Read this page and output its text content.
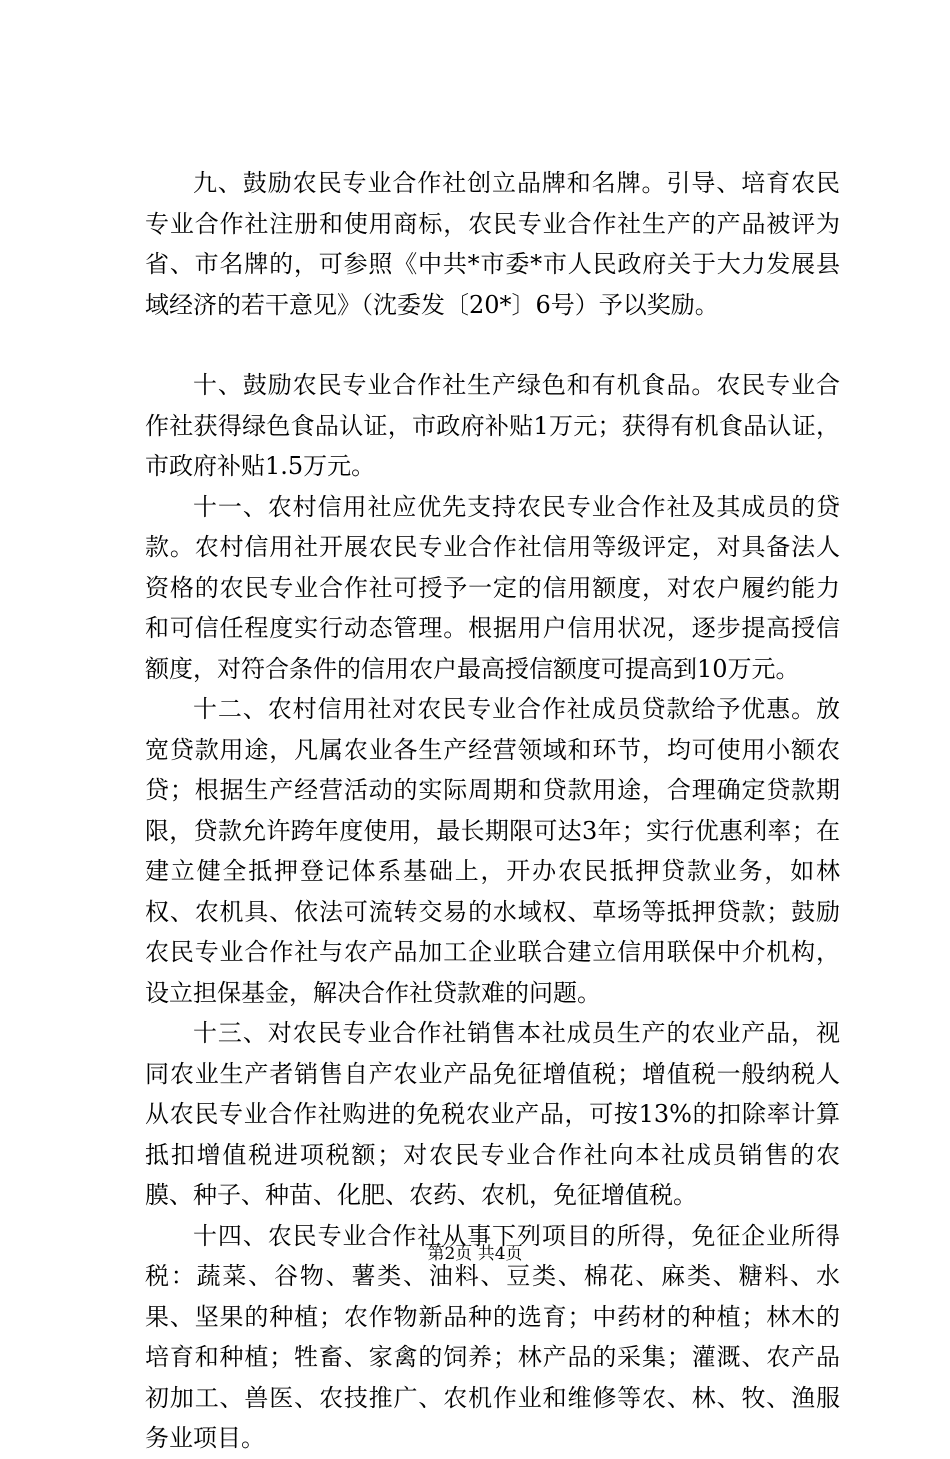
九、鼓励农民专业合作社创立品牌和名牌。引导、培育农民专业合作社注册和使用商标，农民专业合作社生产的产品被评为省、市名牌的，可参照《中共*市委*市人民政府关于大力发展县域经济的若干意见》（沈委发〔20*〕6号）予以奖励。

十、鼓励农民专业合作社生产绿色和有机食品。农民专业合作社获得绿色食品认证，市政府补贴1万元；获得有机食品认证，市政府补贴1.5万元。

十一、农村信用社应优先支持农民专业合作社及其成员的贷款。农村信用社开展农民专业合作社信用等级评定，对具备法人资格的农民专业合作社可授予一定的信用额度，对农户履约能力和可信任程度实行动态管理。根据用户信用状况，逐步提高授信额度，对符合条件的信用农户最高授信额度可提高到10万元。

十二、农村信用社对农民专业合作社成员贷款给予优惠。放宽贷款用途，凡属农业各生产经营领域和环节，均可使用小额农贷；根据生产经营活动的实际周期和贷款用途，合理确定贷款期限，贷款允许跨年度使用，最长期限可达3年；实行优惠利率；在建立健全抵押登记体系基础上，开办农民抵押贷款业务，如林权、农机具、依法可流转交易的水域权、草场等抵押贷款；鼓励农民专业合作社与农产品加工企业联合建立信用联保中介机构，设立担保基金，解决合作社贷款难的问题。

十三、对农民专业合作社销售本社成员生产的农业产品，视同农业生产者销售自产农业产品免征增值税；增值税一般纳税人从农民专业合作社购进的免税农业产品，可按13%的扣除率计算抵扣增值税进项税额；对农民专业合作社向本社成员销售的农膜、种子、种苗、化肥、农药、农机，免征增值税。

十四、农民专业合作社从事下列项目的所得，免征企业所得税：蔬菜、谷物、薯类、油料、豆类、棉花、麻类、糖料、水果、坚果的种植；农作物新品种的选育；中药材的种植；林木的培育和种植；牲畜、家禽的饲养；林产品的采集；灌溉、农产品初加工、兽医、农技推广、农机作业和维修等农、林、牧、渔服务业项目。

第2页 共4页
